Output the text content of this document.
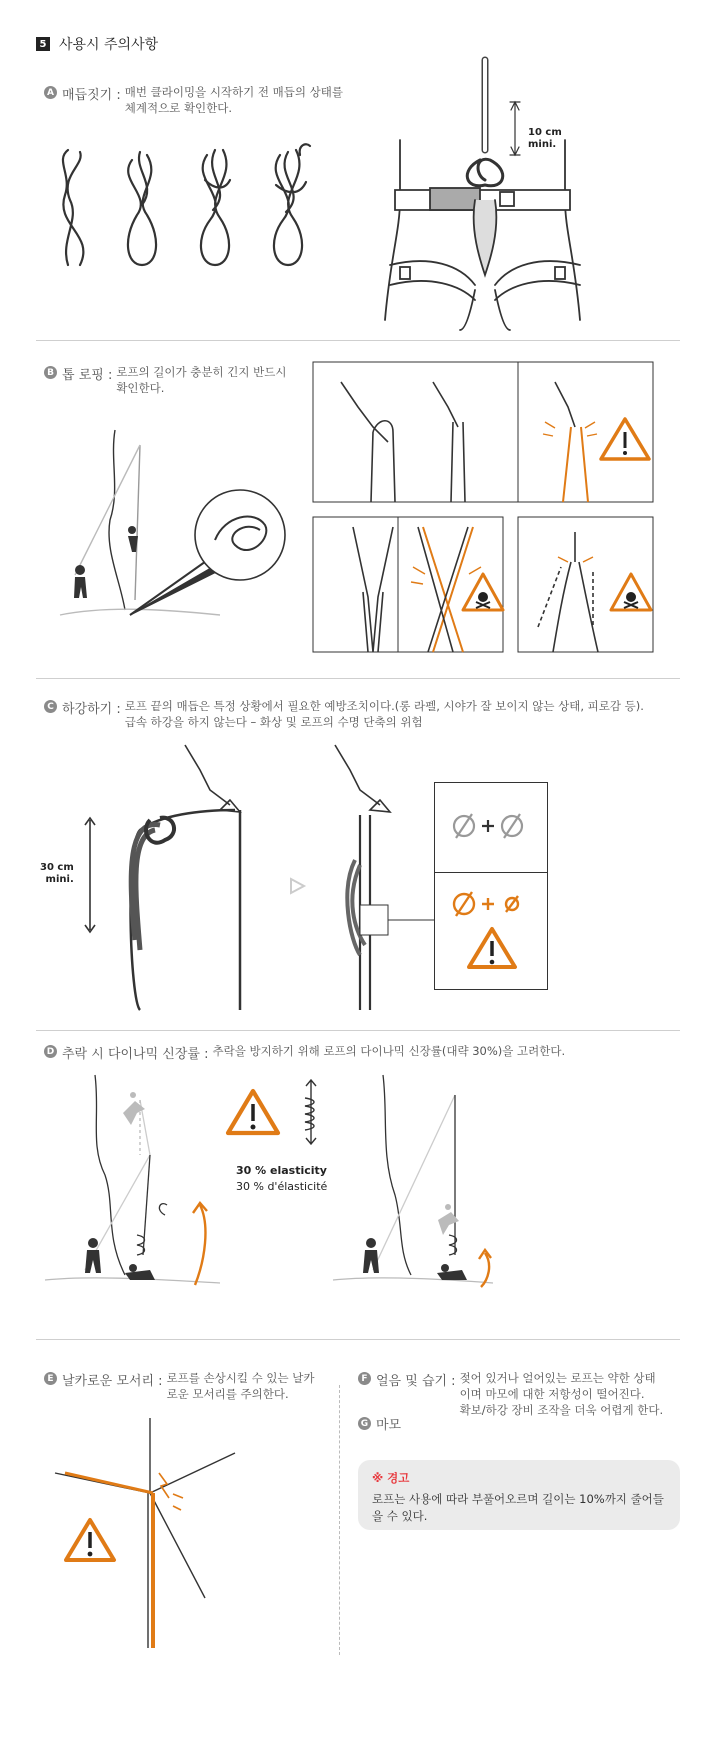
5 사용시 주의사항
A 매듭짓기 : 매번 클라이밍을 시작하기 전 매듭의 상태를
체계적으로 확인한다.
10 cm
mini.
B 톱 로핑 : 로프의 길이가 충분히 긴지 반드시
확인한다.
C 하강하기 : 로프 끝의 매듭은 특정 상황에서 필요한 예방조치이다.(롱 라펠, 시야가 잘 보이지 않는 상태, 피로감 등).
급속 하강을 하지 않는다 – 화상 및 로프의 수명 단축의 위험
30 cm
mini.
D 추락 시 다이나믹 신장률 : 추락을 방지하기 위해 로프의 다이나믹 신장률(대략 30%)을 고려한다.
30 % elasticity
30 % d'élasticité
E 날카로운 모서리 : 로프를 손상시킬 수 있는 날카
로운 모서리를 주의한다.
F 얼음 및 습기 : 젖어 있거나 얼어있는 로프는 약한 상태
이며 마모에 대한 저항성이 떨어진다.
확보/하강 장비 조작을 더욱 어렵게 한다.
G 마모
※ 경고
로프는 사용에 따라 부풀어오르며 길이는 10%까지 줄어들을 수 있다.
